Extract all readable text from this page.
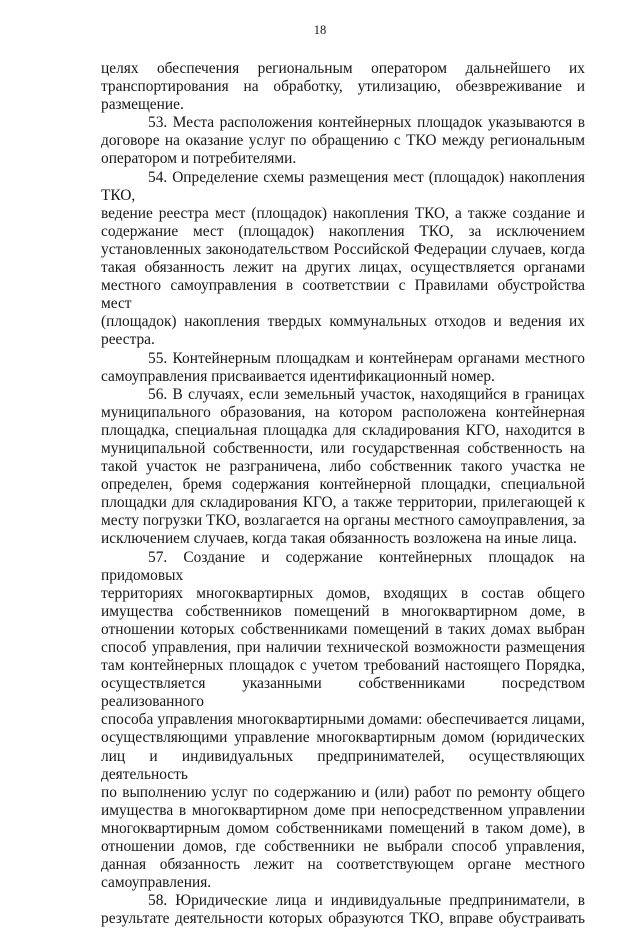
18
целях обеспечения региональным оператором дальнейшего их
транспортирования на обработку, утилизацию, обезвреживание и
размещение.
53. Места расположения контейнерных площадок указываются в
договоре на оказание услуг по обращению с ТКО между региональным
оператором и потребителями.
54. Определение схемы размещения мест (площадок) накопления ТКО,
ведение реестра мест (площадок) накопления ТКО, а также создание и
содержание мест (площадок) накопления ТКО, за исключением
установленных законодательством Российской Федерации случаев, когда
такая обязанность лежит на других лицах, осуществляется органами
местного самоуправления в соответствии с Правилами обустройства мест
(площадок) накопления твердых коммунальных отходов и ведения их
реестра.
55. Контейнерным площадкам и контейнерам органами местного
самоуправления присваивается идентификационный номер.
56. В случаях, если земельный участок, находящийся в границах
муниципального образования, на котором расположена контейнерная
площадка, специальная площадка для складирования КГО, находится в
муниципальной собственности, или государственная собственность на
такой участок не разграничена, либо собственник такого участка не
определен, бремя содержания контейнерной площадки, специальной
площадки для складирования КГО, а также территории, прилегающей к
месту погрузки ТКО, возлагается на органы местного самоуправления, за
исключением случаев, когда такая обязанность возложена на иные лица.
57. Создание и содержание контейнерных площадок на придомовых
территориях многоквартирных домов, входящих в состав общего
имущества собственников помещений в многоквартирном доме, в
отношении которых собственниками помещений в таких домах выбран
способ управления, при наличии технической возможности размещения
там контейнерных площадок с учетом требований настоящего Порядка,
осуществляется указанными собственниками посредством реализованного
способа управления многоквартирными домами: обеспечивается лицами,
осуществляющими управление многоквартирным домом (юридических
лиц и индивидуальных предпринимателей, осуществляющих деятельность
по выполнению услуг по содержанию и (или) работ по ремонту общего
имущества в многоквартирном доме при непосредственном управлении
многоквартирным домом собственниками помещений в таком доме), в
отношении домов, где собственники не выбрали способ управления,
данная обязанность лежит на соответствующем органе местного
самоуправления.
58. Юридические лица и индивидуальные предприниматели, в
результате деятельности которых образуются ТКО, вправе обустраивать
